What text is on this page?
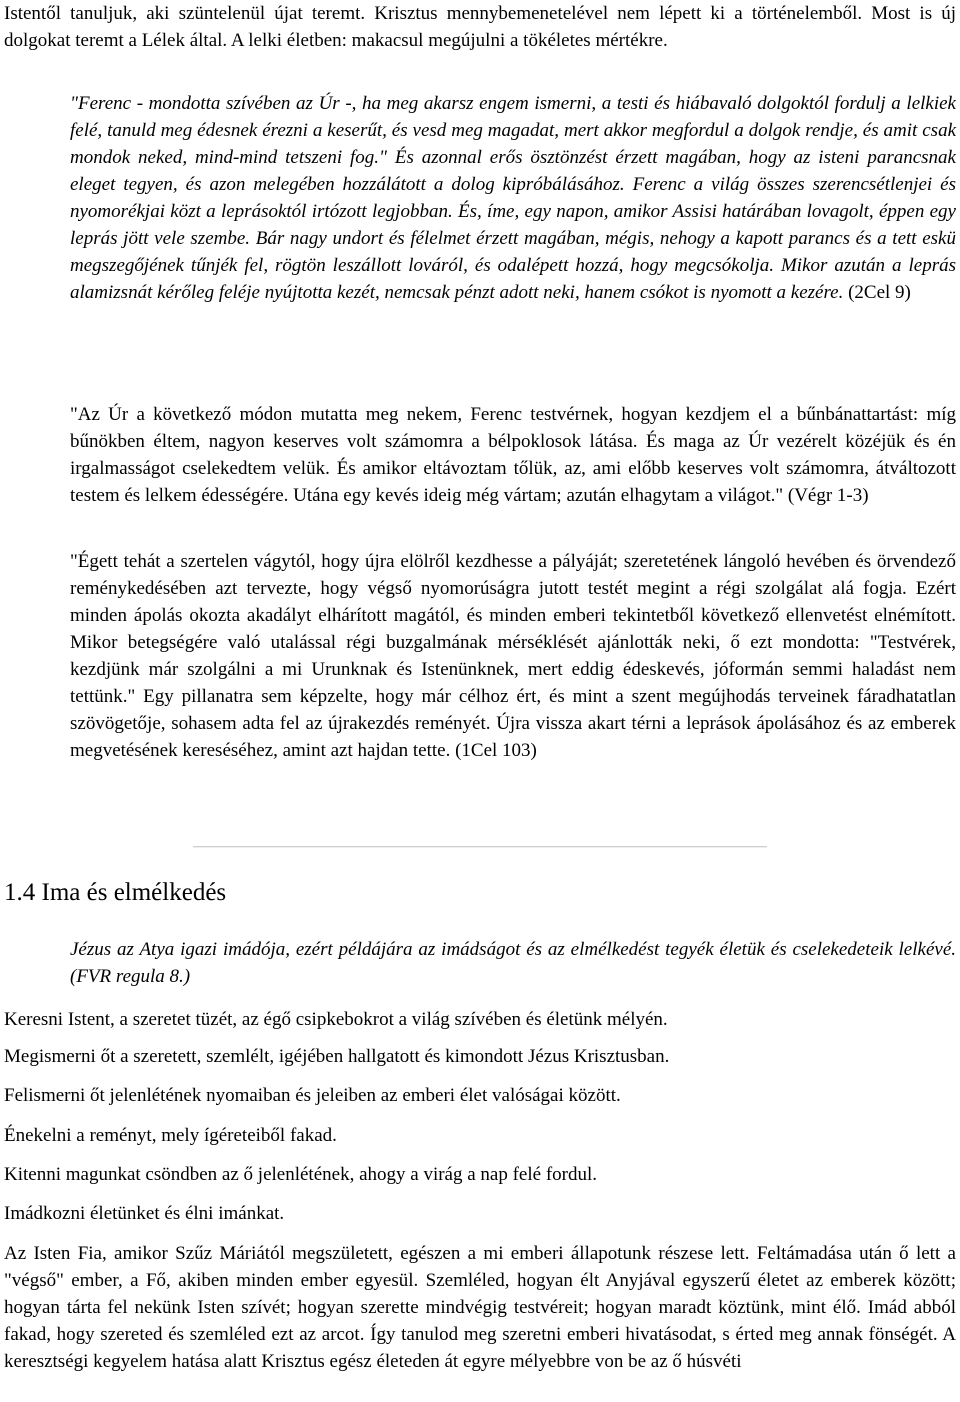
Istentől tanuljuk, aki szüntelenül újat teremt. Krisztus mennybemenetelével nem lépett ki a történelemből. Most is új dolgokat teremt a Lélek által. A lelki életben: makacsul megújulni a tökéletes mértékre.

"Ferenc - mondotta szívében az Úr -, ha meg akarsz engem ismerni, a testi és hiábavaló dolgoktól fordulj a lelkiek felé, tanuld meg édesnek érezni a keserűt, és vesd meg magadat, mert akkor megfordul a dolgok rendje, és amit csak mondok neked, mind-mind tetszeni fog." És azonnal erős ösztönzést érzett magában, hogy az isteni parancsnak eleget tegyen, és azon melegében hozzálátott a dolog kipróbálásához. Ferenc a világ összes szerencsétlenjei és nyomorékjai közt a leprásoktól irtózott legjobban. És, íme, egy napon, amikor Assisi határában lovagolt, éppen egy leprás jött vele szembe. Bár nagy undort és félelmet érzett magában, mégis, nehogy a kapott parancs és a tett eskü megszegőjének tűnjék fel, rögtön leszállott lováról, és odalépett hozzá, hogy megcsókolja. Mikor azután a leprás alamizsnát kérőleg feléje nyújtotta kezét, nemcsak pénzt adott neki, hanem csókot is nyomott a kezére. (2Cel 9)

"Az Úr a következő módon mutatta meg nekem, Ferenc testvérnek, hogyan kezdjem el a bűnbánattartást: míg bűnökben éltem, nagyon keserves volt számomra a bélpoklosok látása. És maga az Úr vezérelt közéjük és én irgalmasságot cselekedtem velük. És amikor eltávoztam tőlük, az, ami előbb keserves volt számomra, átváltozott testem és lelkem édességére. Utána egy kevés ideig még vártam; azután elhagytam a világot." (Végr 1-3)

"Égett tehát a szertelen vágytól, hogy újra elölről kezdhesse a pályáját; szeretetének lángoló hevében és örvendező reménykedésében azt tervezte, hogy végső nyomorúságra jutott testét megint a régi szolgálat alá fogja. Ezért minden ápolás okozta akadályt elhárított magától, és minden emberi tekintetből következő ellenvetést elnémított. Mikor betegségére való utalással régi buzgalmának mérséklését ajánlották neki, ő ezt mondotta: "Testvérek, kezdjünk már szolgálni a mi Urunknak és Istenünknek, mert eddig édeskevés, jóformán semmi haladást nem tettünk." Egy pillanatra sem képzelte, hogy már célhoz ért, és mint a szent megújhodás terveinek fáradhatatlan szövögetője, sohasem adta fel az újrakezdés reményét. Újra vissza akart térni a leprások ápolásához és az emberek megvetésének kereséséhez, amint azt hajdan tette. (1Cel 103)

1.4 Ima és elmélkedés

Jézus az Atya igazi imádója, ezért példájára az imádságot és az elmélkedést tegyék életük és cselekedeteik lelkévé. (FVR regula 8.)

Keresni Istent, a szeretet tüzét, az égő csipkebokrot a világ szívében és életünk mélyén.

Megismerni őt a szeretett, szemlélt, igéjében hallgatott és kimondott Jézus Krisztusban.

Felismerni őt jelenlétének nyomaiban és jeleiben az emberi élet valóságai között.

Énekelni a reményt, mely ígéreteiből fakad.

Kitenni magunkat csöndben az ő jelenlétének, ahogy a virág a nap felé fordul.

Imádkozni életünket és élni imánkat.

Az Isten Fia, amikor Szűz Máriától megszületett, egészen a mi emberi állapotunk részese lett. Feltámadása után ő lett a "végső" ember, a Fő, akiben minden ember egyesül. Szemléled, hogyan élt Anyjával egyszerű életet az emberek között; hogyan tárta fel nekünk Isten szívét; hogyan szerette mindvégig testvéreit; hogyan maradt köztünk, mint élő. Imád abból fakad, hogy szereted és szemléled ezt az arcot. Így tanulod meg szeretni emberi hivatásodat, s érted meg annak fönségét. A keresztségi kegyelem hatása alatt Krisztus egész életeden át egyre mélyebbre von be az ő húsvéti
